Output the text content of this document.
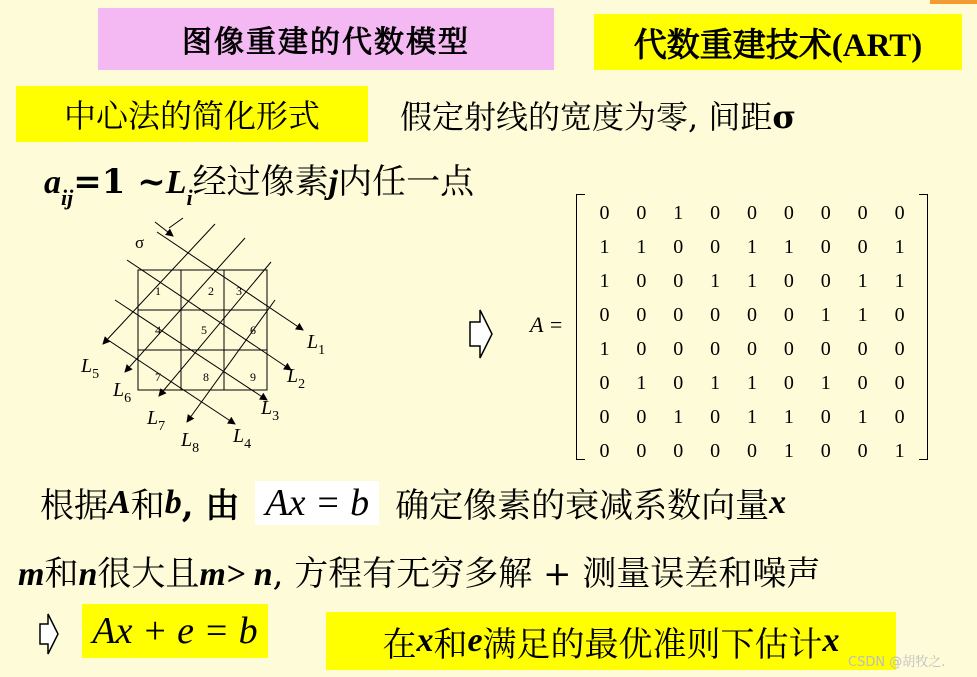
图像重建的代数模型	代数重建技术(ART)
中心法的简化形式	假定射线的宽度为零, 间距σ
$a_{ij}=1$ $\sim L_i$经过像素j内任一点
σ
1	2 3
4	5	6
7	8	9
$L_1$
$L_2$
$L_3$
$L_4$
$L_5$
$L_6$
$L_7$
$L_8$
A =
0	0	1	0	0	0	0	0	0
1	1	0	0	1	1	0	0	1
1	0	0	1	1	0	0	1	1
0	0	0	0	0	0	1	1	0
1	0	0	0	0	0	0	0	0
0	1	0	1	1	0	1	0	0
0	0	1	0	1	1	0	1	0
0	0	0	0	0	1	0	0	1
根据 A 和 b , 由 Ax = b 确定像素的衰减系数向量 x
m和n很大且m> n, 方程有无穷多解 + 测量误差和噪声
Ax + e = b	在 x 和 e 满足的最优准则下估计 x
CSDN @胡牧之.
